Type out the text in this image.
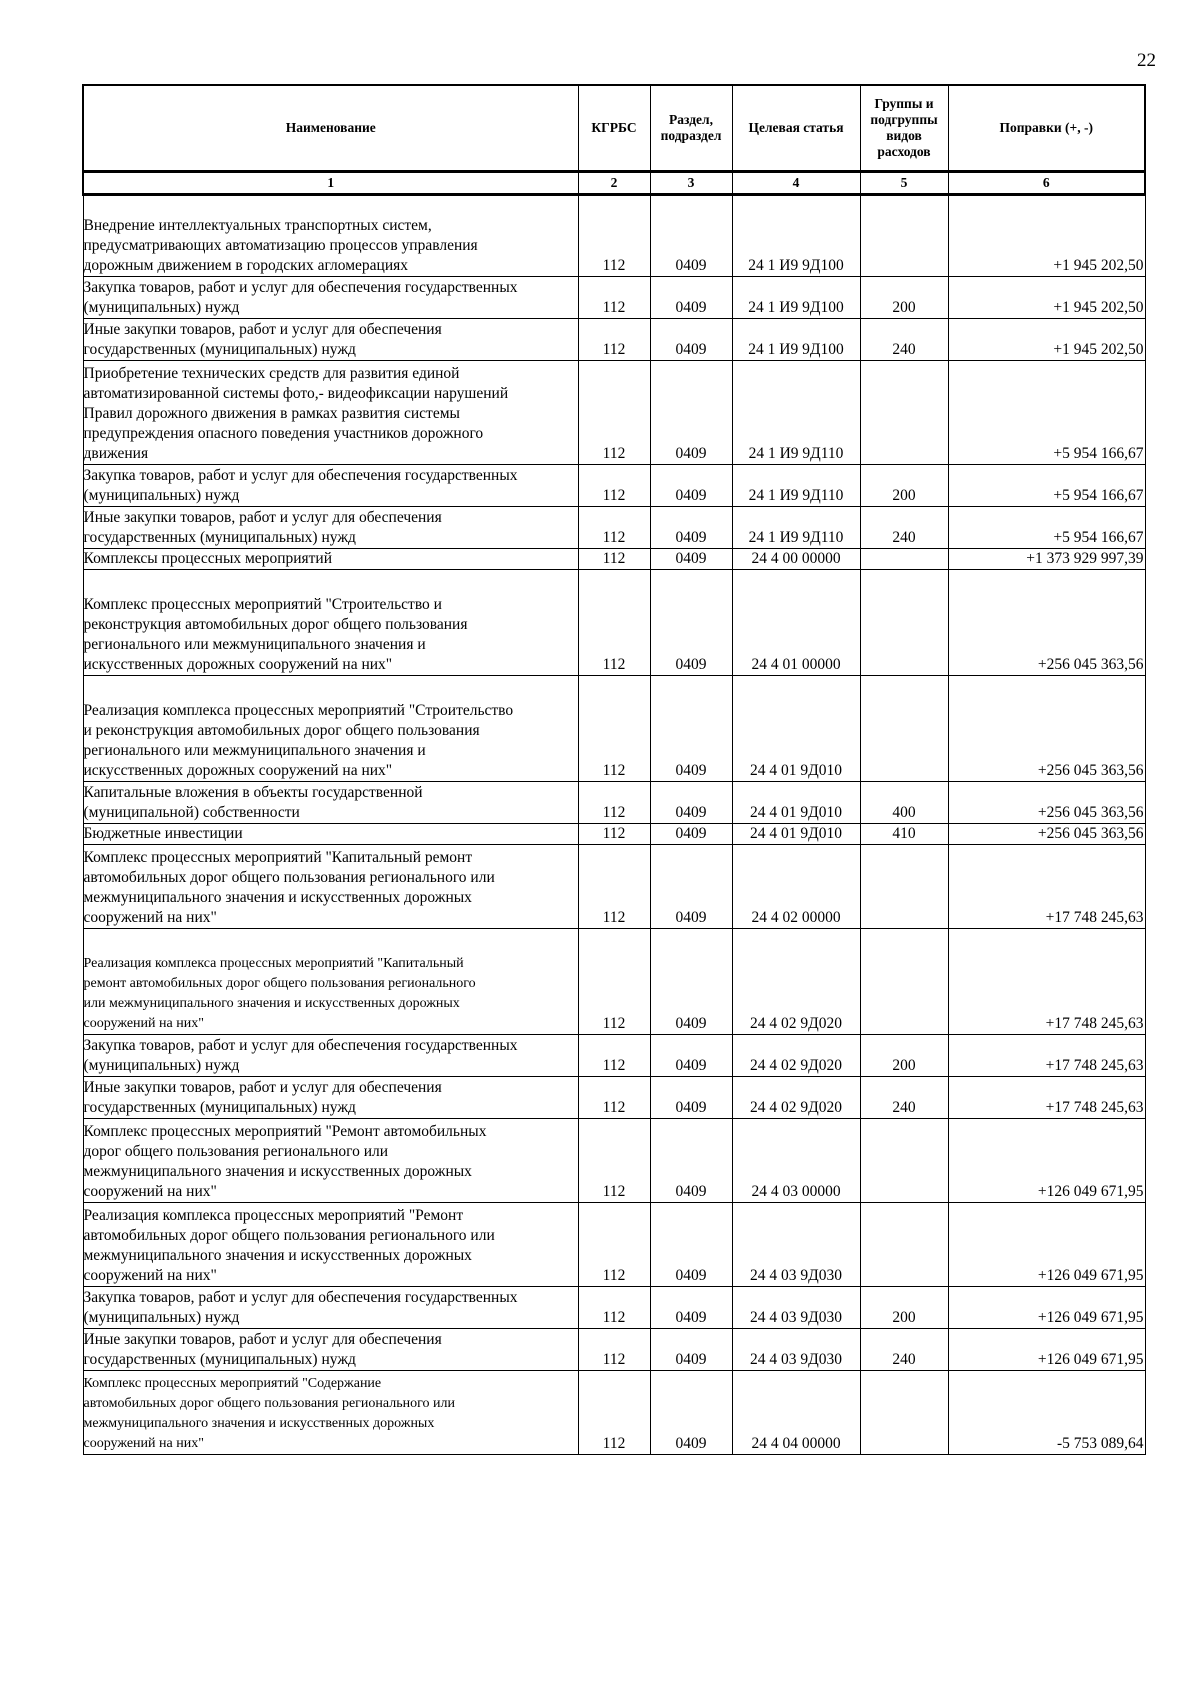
22
Наименование	КГРБС	Раздел, подраздел	Целевая статья	Группы и подгруппы видов расходов	Поправки (+, -)
1	2	3	4	5	6
Внедрение интеллектуальных транспортных систем,
предусматривающих автоматизацию процессов управления
дорожным движением в городских агломерациях	112	0409	24 1 И9 9Д100		+1 945 202,50
Закупка товаров, работ и услуг для обеспечения государственных
(муниципальных) нужд	112	0409	24 1 И9 9Д100	200	+1 945 202,50
Иные закупки товаров, работ и услуг для обеспечения
государственных (муниципальных) нужд	112	0409	24 1 И9 9Д100	240	+1 945 202,50
Приобретение технических средств для развития единой
автоматизированной системы фото,- видеофиксации нарушений
Правил дорожного движения в рамках развития системы
предупреждения опасного поведения участников дорожного
движения	112	0409	24 1 И9 9Д110		+5 954 166,67
Закупка товаров, работ и услуг для обеспечения государственных
(муниципальных) нужд	112	0409	24 1 И9 9Д110	200	+5 954 166,67
Иные закупки товаров, работ и услуг для обеспечения
государственных (муниципальных) нужд	112	0409	24 1 И9 9Д110	240	+5 954 166,67
Комплексы процессных мероприятий	112	0409	24 4 00 00000		+1 373 929 997,39
Комплекс процессных мероприятий "Строительство и
реконструкция автомобильных дорог общего пользования
регионального или межмуниципального значения и
искусственных дорожных сооружений на них"	112	0409	24 4 01 00000		+256 045 363,56
Реализация комплекса процессных мероприятий "Строительство
и реконструкция автомобильных дорог общего пользования
регионального или межмуниципального значения и
искусственных дорожных сооружений на них"	112	0409	24 4 01 9Д010		+256 045 363,56
Капитальные вложения в объекты государственной
(муниципальной) собственности	112	0409	24 4 01 9Д010	400	+256 045 363,56
Бюджетные инвестиции	112	0409	24 4 01 9Д010	410	+256 045 363,56
Комплекс процессных мероприятий "Капитальный ремонт
автомобильных дорог общего пользования регионального или
межмуниципального значения и искусственных дорожных
сооружений на них"	112	0409	24 4 02 00000		+17 748 245,63
Реализация комплекса процессных мероприятий "Капитальный
ремонт автомобильных дорог общего пользования регионального
или межмуниципального значения и искусственных дорожных
сооружений на них"	112	0409	24 4 02 9Д020		+17 748 245,63
Закупка товаров, работ и услуг для обеспечения государственных
(муниципальных) нужд	112	0409	24 4 02 9Д020	200	+17 748 245,63
Иные закупки товаров, работ и услуг для обеспечения
государственных (муниципальных) нужд	112	0409	24 4 02 9Д020	240	+17 748 245,63
Комплекс процессных мероприятий "Ремонт автомобильных
дорог общего пользования регионального или
межмуниципального значения и искусственных дорожных
сооружений на них"	112	0409	24 4 03 00000		+126 049 671,95
Реализация комплекса процессных мероприятий "Ремонт
автомобильных дорог общего пользования регионального или
межмуниципального значения и искусственных дорожных
сооружений на них"	112	0409	24 4 03 9Д030		+126 049 671,95
Закупка товаров, работ и услуг для обеспечения государственных
(муниципальных) нужд	112	0409	24 4 03 9Д030	200	+126 049 671,95
Иные закупки товаров, работ и услуг для обеспечения
государственных (муниципальных) нужд	112	0409	24 4 03 9Д030	240	+126 049 671,95
Комплекс процессных мероприятий "Содержание
автомобильных дорог общего пользования регионального или
межмуниципального значения и искусственных дорожных
сооружений на них"	112	0409	24 4 04 00000		-5 753 089,64
